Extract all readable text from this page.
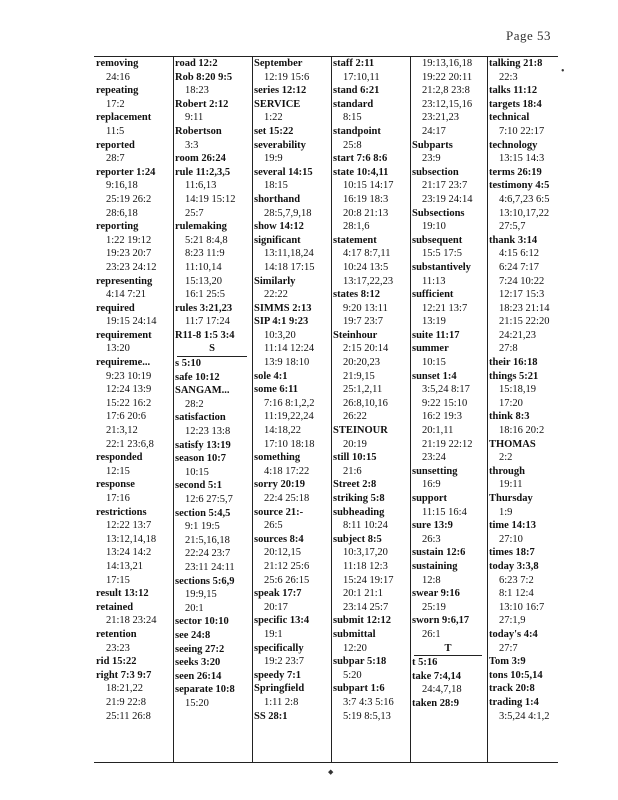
Page 53
•
removing
24:16
repeating
17:2
replacement
11:5
reported
28:7
reporter 1:24
9:16,18
25:19 26:2
28:6,18
reporting
1:22 19:12
19:23 20:7
23:23 24:12
representing
4:14 7:21
required
19:15 24:14
requirement
13:20
requireme...
9:23 10:19
12:24 13:9
15:22 16:2
17:6 20:6
21:3,12
22:1 23:6,8
responded
12:15
response
17:16
restrictions
12:22 13:7
13:12,14,18
13:24 14:2
14:13,21
17:15
result 13:12
retained
21:18 23:24
retention
23:23
rid 15:22
right 7:3 9:7
18:21,22
21:9 22:8
25:11 26:8
road 12:2
Rob 8:20 9:5
18:23
Robert 2:12
9:11
Robertson
3:3
room 26:24
rule 11:2,3,5
11:6,13
14:19 15:12
25:7
rulemaking
5:21 8:4,8
8:23 11:9
11:10,14
15:13,20
16:1 25:5
rules 3:21,23
11:7 17:24
R11-8 1:5 3:4
S
s 5:10
safe 10:12
SANGAM...
28:2
satisfaction
12:23 13:8
satisfy 13:19
season 10:7
10:15
second 5:1
12:6 27:5,7
section 5:4,5
9:1 19:5
21:5,16,18
22:24 23:7
23:11 24:11
sections 5:6,9
19:9,15
20:1
sector 10:10
see 24:8
seeing 27:2
seeks 3:20
seen 26:14
separate 10:8
15:20
September
12:19 15:6
series 12:12
SERVICE
1:22
set 15:22
severability
19:9
several 14:15
18:15
shorthand
28:5,7,9,18
show 14:12
significant
13:11,18,24
14:18 17:15
Similarly
22:22
SIMMS 2:13
SIP 4:1 9:23
10:3,20
11:14 12:24
13:9 18:10
sole 4:1
some 6:11
7:16 8:1,2,2
11:19,22,24
14:18,22
17:10 18:18
something
4:18 17:22
sorry 20:19
22:4 25:18
source 21:-
26:5
sources 8:4
20:12,15
21:12 25:6
25:6 26:15
speak 17:7
20:17
specific 13:4
19:1
specifically
19:2 23:7
speedy 7:1
Springfield
1:11 2:8
SS 28:1
staff 2:11
17:10,11
stand 6:21
standard
8:15
standpoint
25:8
start 7:6 8:6
state 10:4,11
10:15 14:17
16:19 18:3
20:8 21:13
28:1,6
statement
4:17 8:7,11
10:24 13:5
13:17,22,23
states 8:12
9:20 13:11
19:7 23:7
Steinhour
2:15 20:14
20:20,23
21:9,15
25:1,2,11
26:8,10,16
26:22
STEINOUR
20:19
still 10:15
21:6
Street 2:8
striking 5:8
subheading
8:11 10:24
subject 8:5
10:3,17,20
11:18 12:3
15:24 19:17
20:1 21:1
23:14 25:7
submit 12:12
submittal
12:20
subpar 5:18
5:20
subpart 1:6
3:7 4:3 5:16
5:19 8:5,13
19:13,16,18
19:22 20:11
21:2,8 23:8
23:12,15,16
23:21,23
24:17
Subparts
23:9
subsection
21:17 23:7
23:19 24:14
Subsections
19:10
subsequent
15:5 17:5
substantively
11:13
sufficient
12:21 13:7
13:19
suite 11:17
summer
10:15
sunset 1:4
3:5,24 8:17
9:22 15:10
16:2 19:3
20:1,11
21:19 22:12
23:24
sunsetting
16:9
support
11:15 16:4
sure 13:9
26:3
sustain 12:6
sustaining
12:8
swear 9:16
25:19
sworn 9:6,17
26:1
T
t 5:16
take 7:4,14
24:4,7,18
taken 28:9
talking 21:8
22:3
talks 11:12
targets 18:4
technical
7:10 22:17
technology
13:15 14:3
terms 26:19
testimony 4:5
4:6,7,23 6:5
13:10,17,22
27:5,7
thank 3:14
4:15 6:12
6:24 7:17
7:24 10:22
12:17 15:3
18:23 21:14
21:15 22:20
24:21,23
27:8
their 16:18
things 5:21
15:18,19
17:20
think 8:3
18:16 20:2
THOMAS
2:2
through
19:11
Thursday
1:9
time 14:13
27:10
times 18:7
today 3:3,8
6:23 7:2
8:1 12:4
13:10 16:7
27:1,9
today's 4:4
27:7
Tom 3:9
tons 10:5,14
track 20:8
trading 1:4
3:5,24 4:1,2
◆
